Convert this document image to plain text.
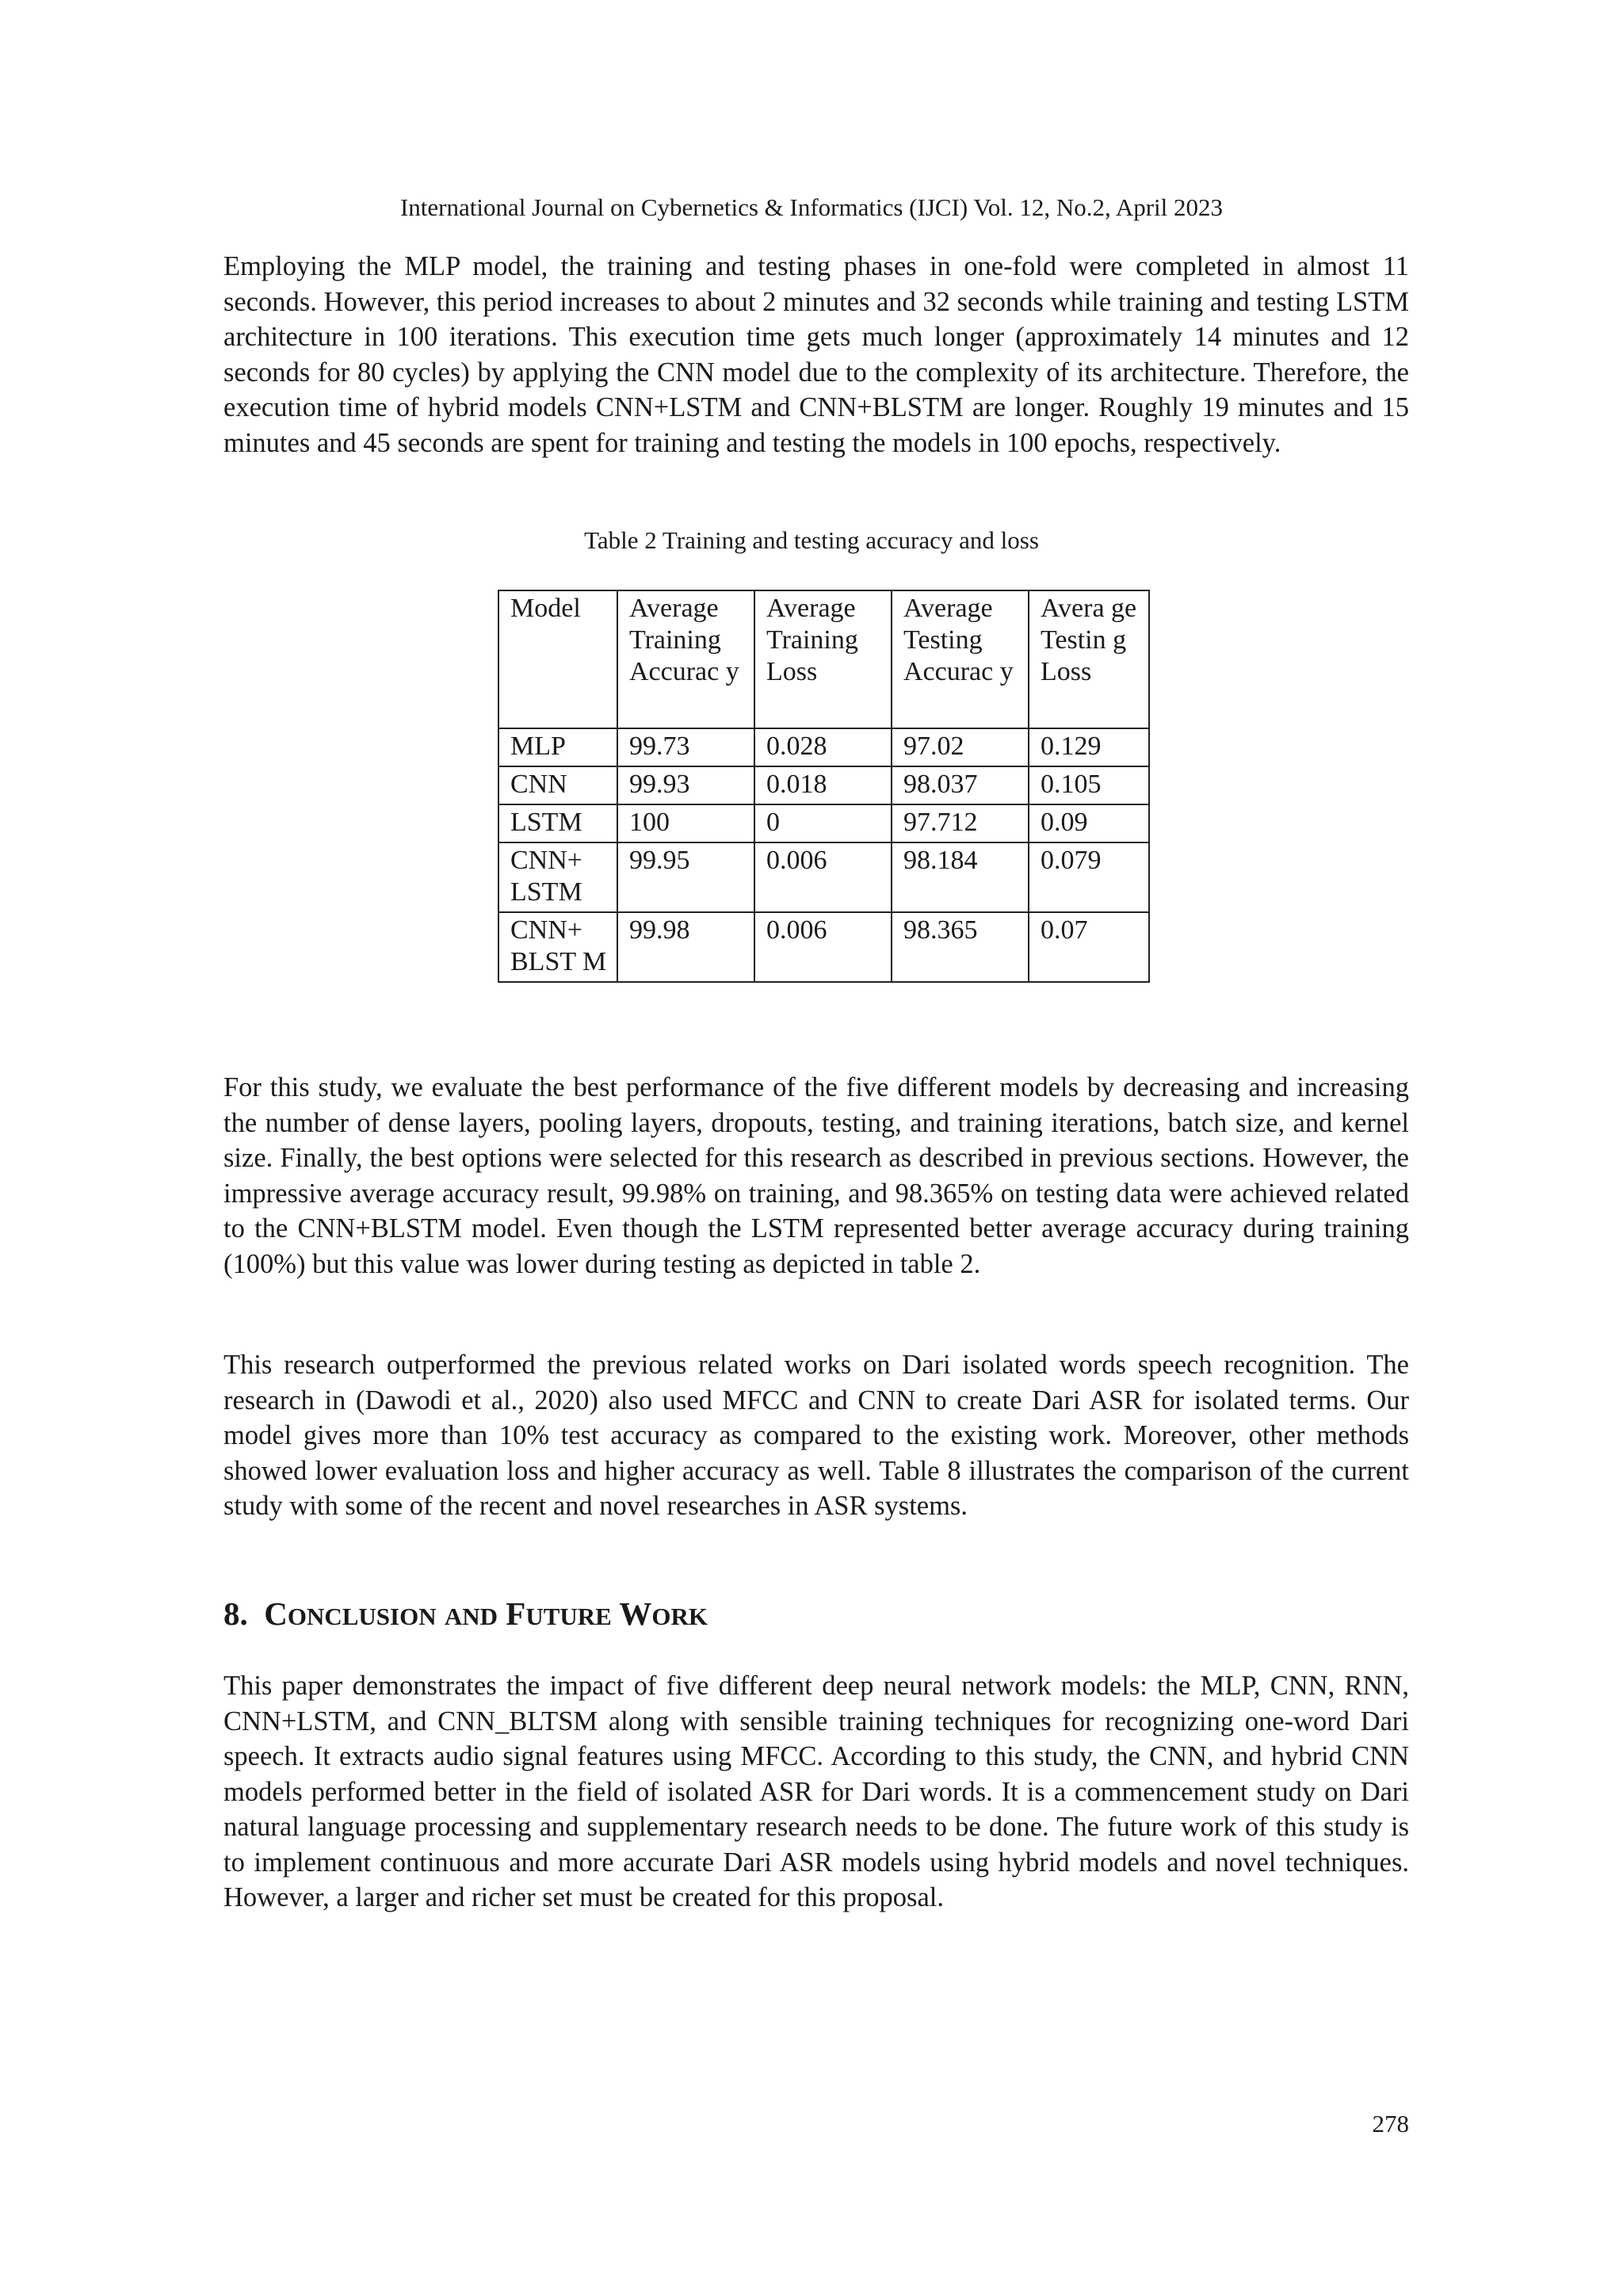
International Journal on Cybernetics & Informatics (IJCI) Vol. 12, No.2, April 2023

Employing the MLP model, the training and testing phases in one-fold were completed in almost 11 seconds. However, this period increases to about 2 minutes and 32 seconds while training and testing LSTM architecture in 100 iterations. This execution time gets much longer (approximately 14 minutes and 12 seconds for 80 cycles) by applying the CNN model due to the complexity of its architecture. Therefore, the execution time of hybrid models CNN+LSTM and CNN+BLSTM are longer. Roughly 19 minutes and 15 minutes and 45 seconds are spent for training and testing the models in 100 epochs, respectively.

Table 2 Training and testing accuracy and loss
Model	Average Training Accurac y	Average Training Loss	Average Testing Accurac y	Avera ge Testin g Loss
MLP	99.73	0.028	97.02	0.129
CNN	99.93	0.018	98.037	0.105
LSTM	100	0	97.712	0.09
CNN+ LSTM	99.95	0.006	98.184	0.079
CNN+ BLST M	99.98	0.006	98.365	0.07

For this study, we evaluate the best performance of the five different models by decreasing and increasing the number of dense layers, pooling layers, dropouts, testing, and training iterations, batch size, and kernel size. Finally, the best options were selected for this research as described in previous sections. However, the impressive average accuracy result, 99.98% on training, and 98.365% on testing data were achieved related to the CNN+BLSTM model. Even though the LSTM represented better average accuracy during training (100%) but this value was lower during testing as depicted in table 2.

This research outperformed the previous related works on Dari isolated words speech recognition. The research in (Dawodi et al., 2020) also used MFCC and CNN to create Dari ASR for isolated terms. Our model gives more than 10% test accuracy as compared to the existing work. Moreover, other methods showed lower evaluation loss and higher accuracy as well. Table 8 illustrates the comparison of the current study with some of the recent and novel researches in ASR systems.

8. CONCLUSION AND FUTURE WORK

This paper demonstrates the impact of five different deep neural network models: the MLP, CNN, RNN, CNN+LSTM, and CNN_BLTSM along with sensible training techniques for recognizing one-word Dari speech. It extracts audio signal features using MFCC. According to this study, the CNN, and hybrid CNN models performed better in the field of isolated ASR for Dari words. It is a commencement study on Dari natural language processing and supplementary research needs to be done. The future work of this study is to implement continuous and more accurate Dari ASR models using hybrid models and novel techniques. However, a larger and richer set must be created for this proposal.

278
